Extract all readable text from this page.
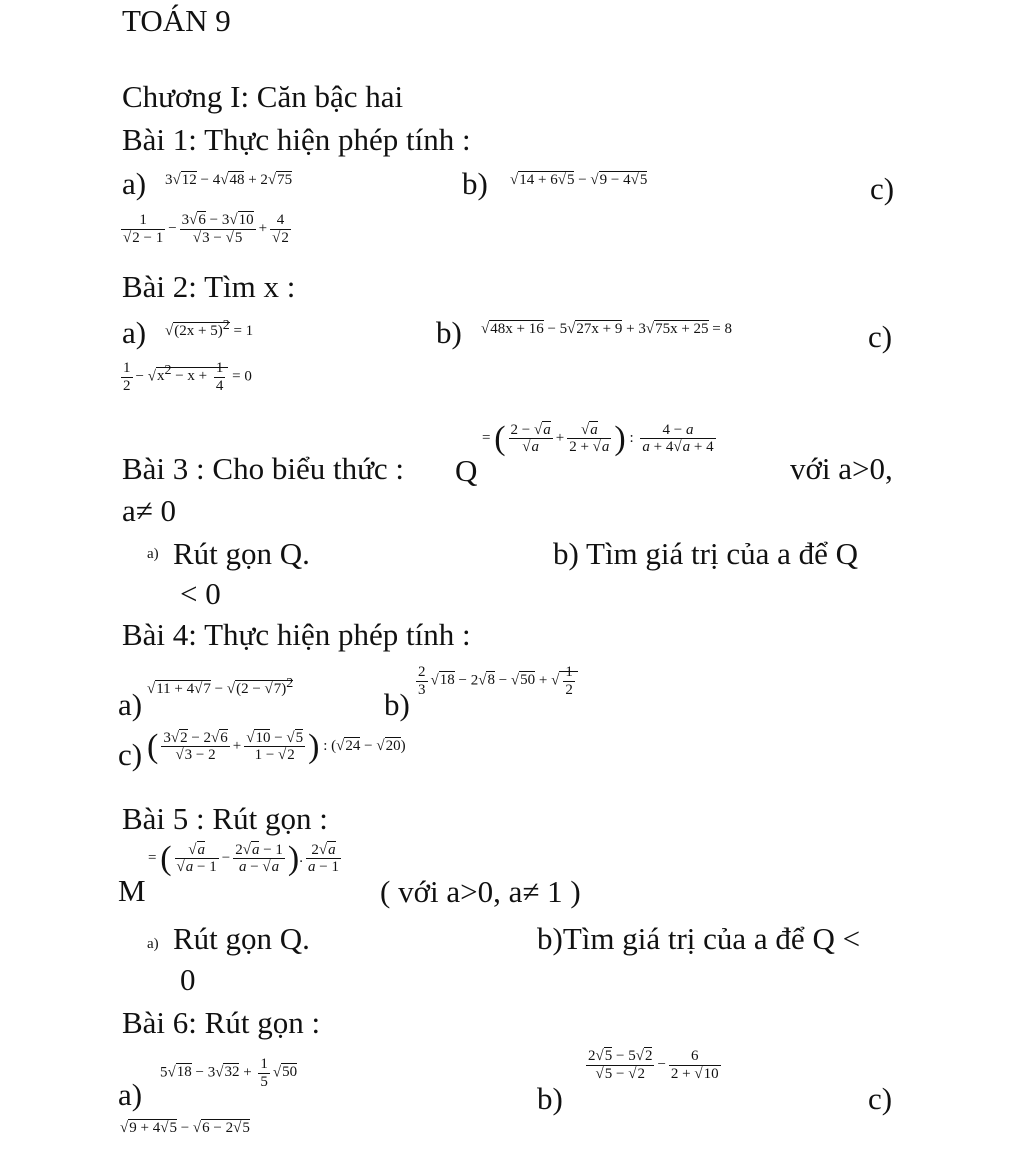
TOÁN 9
Chương I: Căn bậc hai
Bài 1: Thực hiện phép tính :
a) 3√12 − 4√48 + 2√75	b) √14 + 6√5 − √9 − 4√5	c)
$\frac{1}{√2 - 1} - \frac{3√6 - 3√10}{√3 - √5} + \frac{4}{√2}$
Bài 2: Tìm x :
a) $√(2x + 5)^2 = 1$	b) √48x + 16 − 5√27x + 9 + 3√75x + 25 = 8	c)
$\frac{1}{2} - √x^2 - x + \frac{1}{4} = 0$
Bài 3 : Cho biểu thức : Q
= ( $\frac{2 - √a}{√a} + \frac{√a}{2 + √a}$ ) : $\frac{4 - a}{a + 4√a + 4}$
với a>0,
a≠ 0
a) Rút gọn Q.	b) Tìm giá trị của a để Q
< 0
Bài 4: Thực hiện phép tính :
a) $√11 + 4√7 - √(2 - √7)^2$
b)
$\frac{2}{3} √18 - 2√8 - √50$ + √ $\frac{1}{2}$
c) ( $\frac{3√2 - 2√6}{√3 - 2} + \frac{√10 - √5}{1 - √2}$ ) : (√24 − √20)
Bài 5 : Rút gọn :
M
= ( $\frac{√a}{√a - 1} - \frac{2√a - 1}{a - √a}$ ). $\frac{2√a}{a - 1}$
( với a>0, a≠ 1 )
a) Rút gọn Q.	b)Tìm giá trị của a để Q <
0
Bài 6: Rút gọn :
a)
$5√18 - 3√32 + \frac{1}{5} √50$
b)
$\frac{2√5 - 5√2}{√5 - √2} - \frac{6}{2 + √10}$
c)
√9 + 4√5 − √6 − 2√5
